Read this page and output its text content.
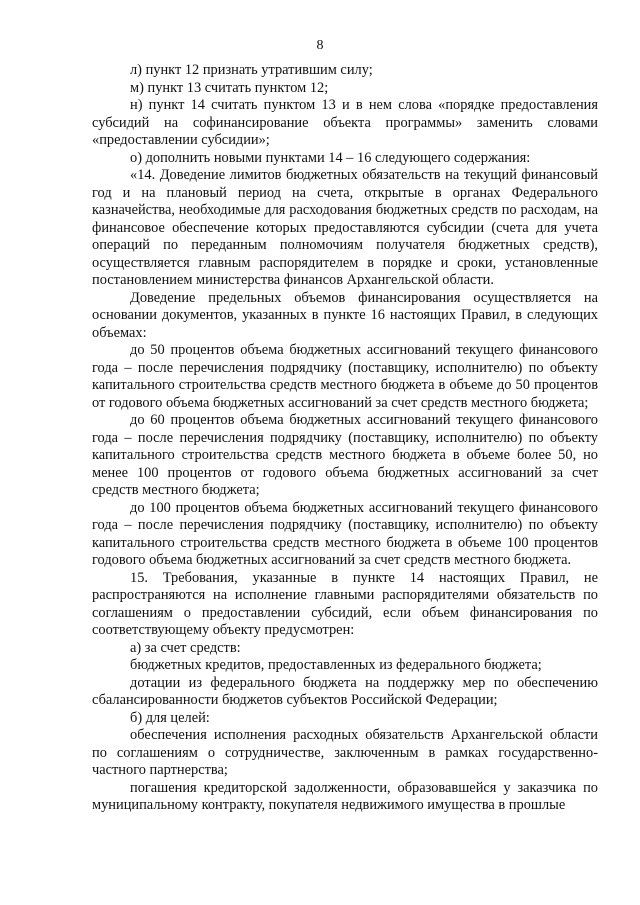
8

л) пункт 12 признать утратившим силу;

м) пункт 13 считать пунктом 12;

н) пункт 14 считать пунктом 13 и в нем слова «порядке предоставления субсидий на софинансирование объекта программы» заменить словами «предоставлении субсидии»;

о) дополнить новыми пунктами 14 – 16 следующего содержания:

«14. Доведение лимитов бюджетных обязательств на текущий финансовый год и на плановый период на счета, открытые в органах Федерального казначейства, необходимые для расходования бюджетных средств по расходам, на финансовое обеспечение которых предоставляются субсидии (счета для учета операций по переданным полномочиям получателя бюджетных средств), осуществляется главным распорядителем в порядке и сроки, установленные постановлением министерства финансов Архангельской области.

Доведение предельных объемов финансирования осуществляется на основании документов, указанных в пункте 16 настоящих Правил, в следующих объемах:

до 50 процентов объема бюджетных ассигнований текущего финансового года – после перечисления подрядчику (поставщику, исполнителю) по объекту капитального строительства средств местного бюджета в объеме до 50 процентов от годового объема бюджетных ассигнований за счет средств местного бюджета;

до 60 процентов объема бюджетных ассигнований текущего финансового года – после перечисления подрядчику (поставщику, исполнителю) по объекту капитального строительства средств местного бюджета в объеме более 50, но менее 100 процентов от годового объема бюджетных ассигнований за счет средств местного бюджета;

до 100 процентов объема бюджетных ассигнований текущего финансового года – после перечисления подрядчику (поставщику, исполнителю) по объекту капитального строительства средств местного бюджета в объеме 100 процентов годового объема бюджетных ассигнований за счет средств местного бюджета.

15. Требования, указанные в пункте 14 настоящих Правил, не распространяются на исполнение главными распорядителями обязательств по соглашениям о предоставлении субсидий, если объем финансирования по соответствующему объекту предусмотрен:

а) за счет средств:

бюджетных кредитов, предоставленных из федерального бюджета;

дотации из федерального бюджета на поддержку мер по обеспечению сбалансированности бюджетов субъектов Российской Федерации;

б) для целей:

обеспечения исполнения расходных обязательств Архангельской области по соглашениям о сотрудничестве, заключенным в рамках государственно-частного партнерства;

погашения кредиторской задолженности, образовавшейся у заказчика по муниципальному контракту, покупателя недвижимого имущества в прошлые
